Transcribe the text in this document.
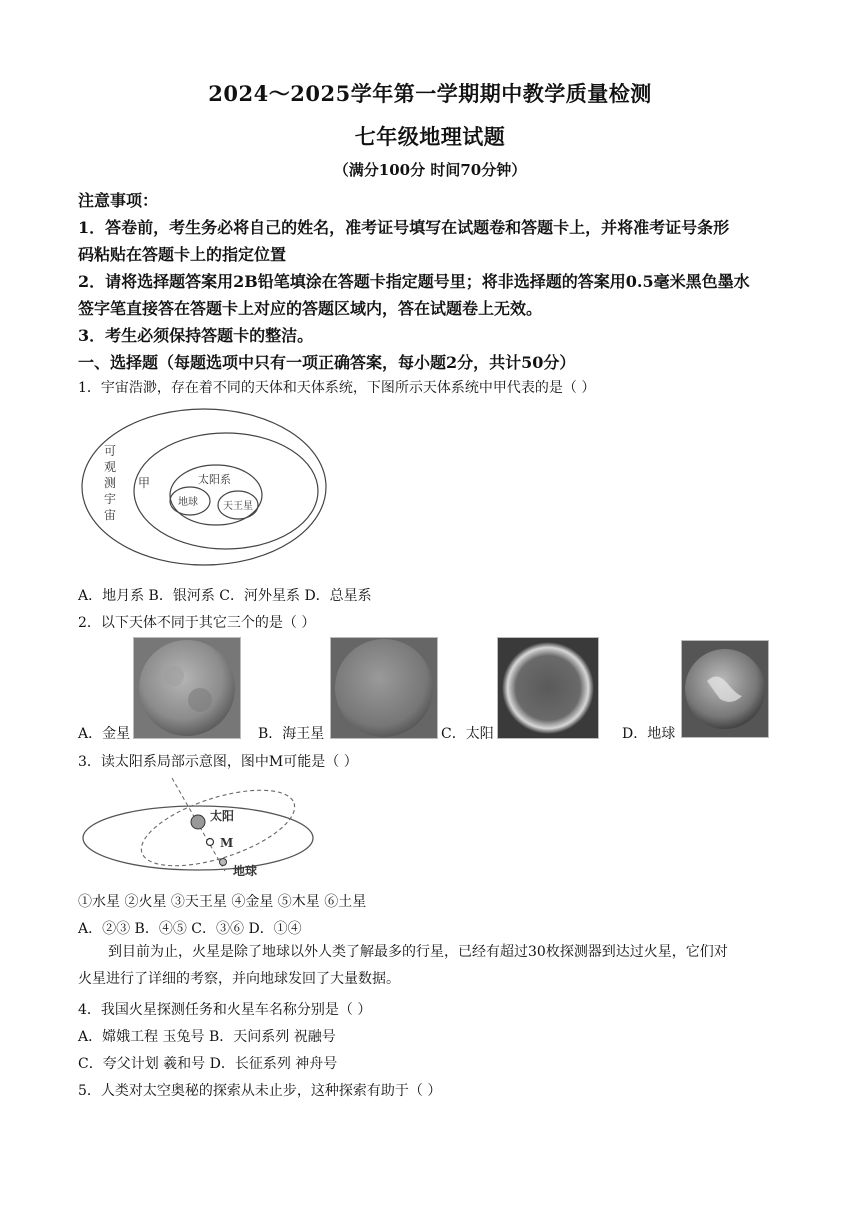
2024～2025学年第一学期期中教学质量检测
七年级地理试题
（满分100分 时间70分钟）
注意事项：
1．答卷前，考生务必将自己的姓名，准考证号填写在试题卷和答题卡上，并将准考证号条形
码粘贴在答题卡上的指定位置
2．请将选择题答案用2B铅笔填涂在答题卡指定题号里；将非选择题的答案用0.5毫米黑色墨水
签字笔直接答在答题卡上对应的答题区域内，答在试题卷上无效。
3．考生必须保持答题卡的整洁。
一、选择题（每题选项中只有一项正确答案，每小题2分，共计50分）
1．宇宙浩渺，存在着不同的天体和天体系统，下图所示天体系统中甲代表的是（ ）
可 观 测 宇 宙
甲	太阳系
地球	天王星
A．地月系 B．银河系 C．河外星系 D．总星系
2．以下天体不同于其它三个的是（ ）
A．金星	B．海王星	C．太阳	D．地球
3．读太阳系局部示意图，图中M可能是（ ）
太阳
M
地球
①水星 ②火星 ③天王星 ④金星 ⑤木星 ⑥土星
A．②③ B．④⑤ C．③⑥ D．①④
到目前为止，火星是除了地球以外人类了解最多的行星，已经有超过30枚探测器到达过火星，它们对
火星进行了详细的考察，并向地球发回了大量数据。
4．我国火星探测任务和火星车名称分别是（ ）
A．嫦娥工程 玉兔号 B．天问系列 祝融号
C．夸父计划 羲和号 D．长征系列 神舟号
5．人类对太空奥秘的探索从未止步，这种探索有助于（ ）
